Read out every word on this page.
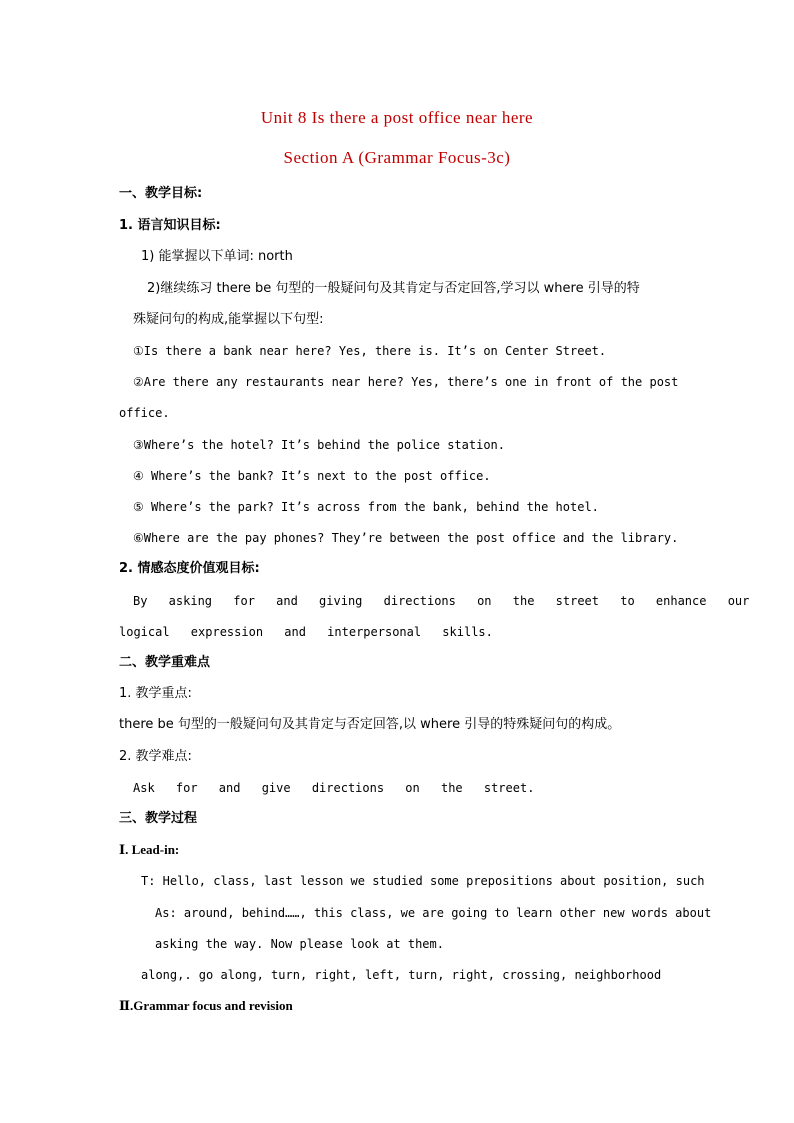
Unit 8 Is there a post office near here
Section A (Grammar Focus-3c)
一、教学目标:
1. 语言知识目标:
1) 能掌握以下单词: north
2)继续练习 there be 句型的一般疑问句及其肯定与否定回答,学习以 where 引导的特
殊疑问句的构成,能掌握以下句型:
①Is there a bank near here? Yes, there is. It’s on Center Street.
②Are there any restaurants near here? Yes, there’s one in front of the post
office.
③Where’s the hotel? It’s behind the police station.
④ Where’s the bank? It’s next to the post office.
⑤ Where’s the park? It’s across from the bank, behind the hotel.
⑥Where are the pay phones? They’re between the post office and the library.
2. 情感态度价值观目标:
By asking for and giving directions on the street to enhance our
logical expression and interpersonal skills.
二、教学重难点
1. 教学重点:
there be 句型的一般疑问句及其肯定与否定回答,以 where 引导的特殊疑问句的构成。
2. 教学难点:
Ask for and give directions on the street.
三、教学过程
Ⅰ. Lead-in:
T: Hello, class, last lesson we studied some prepositions about position, such
As: around, behind……, this class, we are going to learn other new words about
asking the way. Now please look at them.
along,. go along, turn, right, left, turn, right, crossing, neighborhood
Ⅱ.Grammar focus and revision
